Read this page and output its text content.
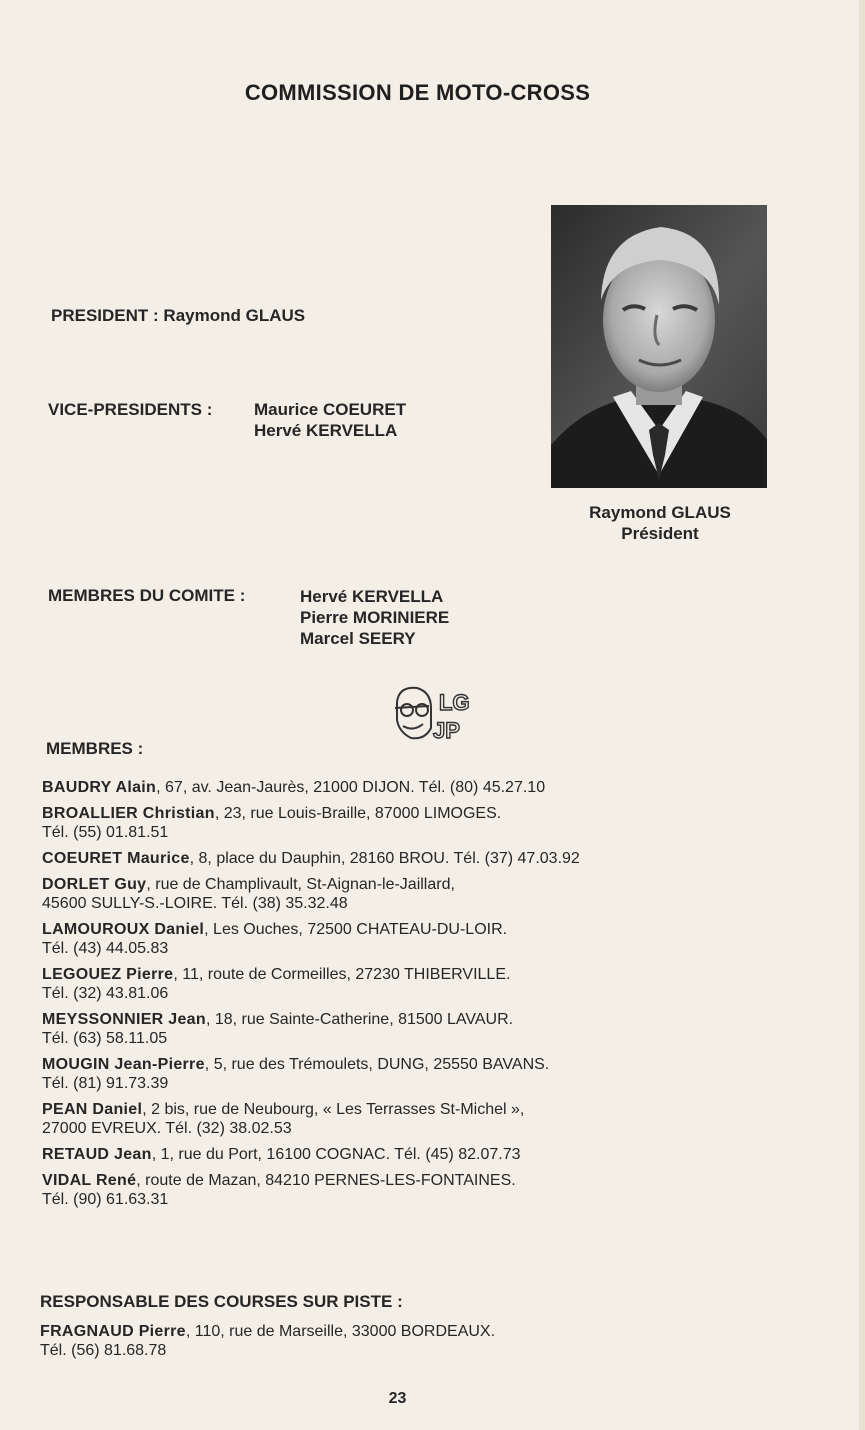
COMMISSION DE MOTO-CROSS
PRESIDENT : Raymond GLAUS
VICE-PRESIDENTS : Maurice COEURET
Hervé KERVELLA
Raymond GLAUS
Président
MEMBRES DU COMITE :	Hervé KERVELLA
Pierre MORINIERE
Marcel SEERY
LG
JP
MEMBRES :
BAUDRY Alain, 67, av. Jean-Jaurès, 21000 DIJON. Tél. (80) 45.27.10
BROALLIER Christian, 23, rue Louis-Braille, 87000 LIMOGES.
Tél. (55) 01.81.51
COEURET Maurice, 8, place du Dauphin, 28160 BROU. Tél. (37) 47.03.92
DORLET Guy, rue de Champlivault, St-Aignan-le-Jaillard,
45600 SULLY-S.-LOIRE. Tél. (38) 35.32.48
LAMOUROUX Daniel, Les Ouches, 72500 CHATEAU-DU-LOIR.
Tél. (43) 44.05.83
LEGOUEZ Pierre, 11, route de Cormeilles, 27230 THIBERVILLE.
Tél. (32) 43.81.06
MEYSSONNIER Jean, 18, rue Sainte-Catherine, 81500 LAVAUR.
Tél. (63) 58.11.05
MOUGIN Jean-Pierre, 5, rue des Trémoulets, DUNG, 25550 BAVANS.
Tél. (81) 91.73.39
PEAN Daniel, 2 bis, rue de Neubourg, « Les Terrasses St-Michel »,
27000 EVREUX. Tél. (32) 38.02.53
RETAUD Jean, 1, rue du Port, 16100 COGNAC. Tél. (45) 82.07.73
VIDAL René, route de Mazan, 84210 PERNES-LES-FONTAINES.
Tél. (90) 61.63.31
RESPONSABLE DES COURSES SUR PISTE :
FRAGNAUD Pierre, 110, rue de Marseille, 33000 BORDEAUX.
Tél. (56) 81.68.78
23
